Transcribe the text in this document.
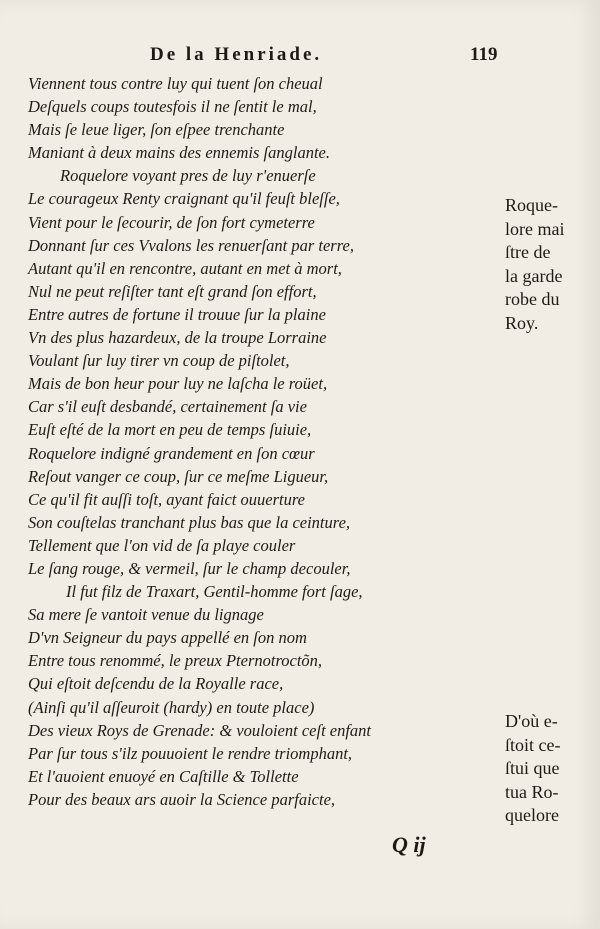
De la Henriade.	119
Viennent tous contre luy qui tuent ſon cheual
Deſquels coups toutesfois il ne ſentit le mal,
Mais ſe leue liger, ſon eſpee trenchante
Maniant à deux mains des ennemis ſanglante.
Roquelore voyant pres de luy r'enuerſe
Le courageux Renty craignant qu'il feuſt bleſſe,
Vient pour le ſecourir, de ſon fort cymeterre
Donnant ſur ces Vvalons les renuerſant par terre,
Autant qu'il en rencontre, autant en met à mort,
Nul ne peut reſiſter tant eſt grand ſon effort,
Entre autres de fortune il trouue ſur la plaine
Vn des plus hazardeux, de la troupe Lorraine
Voulant ſur luy tirer vn coup de piſtolet,
Mais de bon heur pour luy ne laſcha le roüet,
Car s'il euſt desbandé, certainement ſa vie
Euſt eſté de la mort en peu de temps ſuiuie,
Roquelore indigné grandement en ſon cœur
Reſout vanger ce coup, ſur ce meſme Ligueur,
Ce qu'il fit auſſi toſt, ayant faict ouuerture
Son couſtelas tranchant plus bas que la ceinture,
Tellement que l'on vid de ſa playe couler
Le ſang rouge, & vermeil, ſur le champ decouler,
Il fut filz de Traxart, Gentil-homme fort ſage,
Sa mere ſe vantoit venue du lignage
D'vn Seigneur du pays appellé en ſon nom
Entre tous renommé, le preux Pternotroctõn,
Qui eſtoit deſcendu de la Royalle race,
(Ainſi qu'il aſſeuroit (hardy) en toute place)
Des vieux Roys de Grenade: & vouloient ceſt enfant
Par ſur tous s'ilz pouuoient le rendre triomphant,
Et l'auoient enuoyé en Caſtille & Tollette
Pour des beaux ars auoir la Science parfaicte,
Roque-
lore mai
ſtre de
la garde
robe du
Roy.
D'où e-
ſtoit ce-
ſtui que
tua Ro-
quelore
Q ij
